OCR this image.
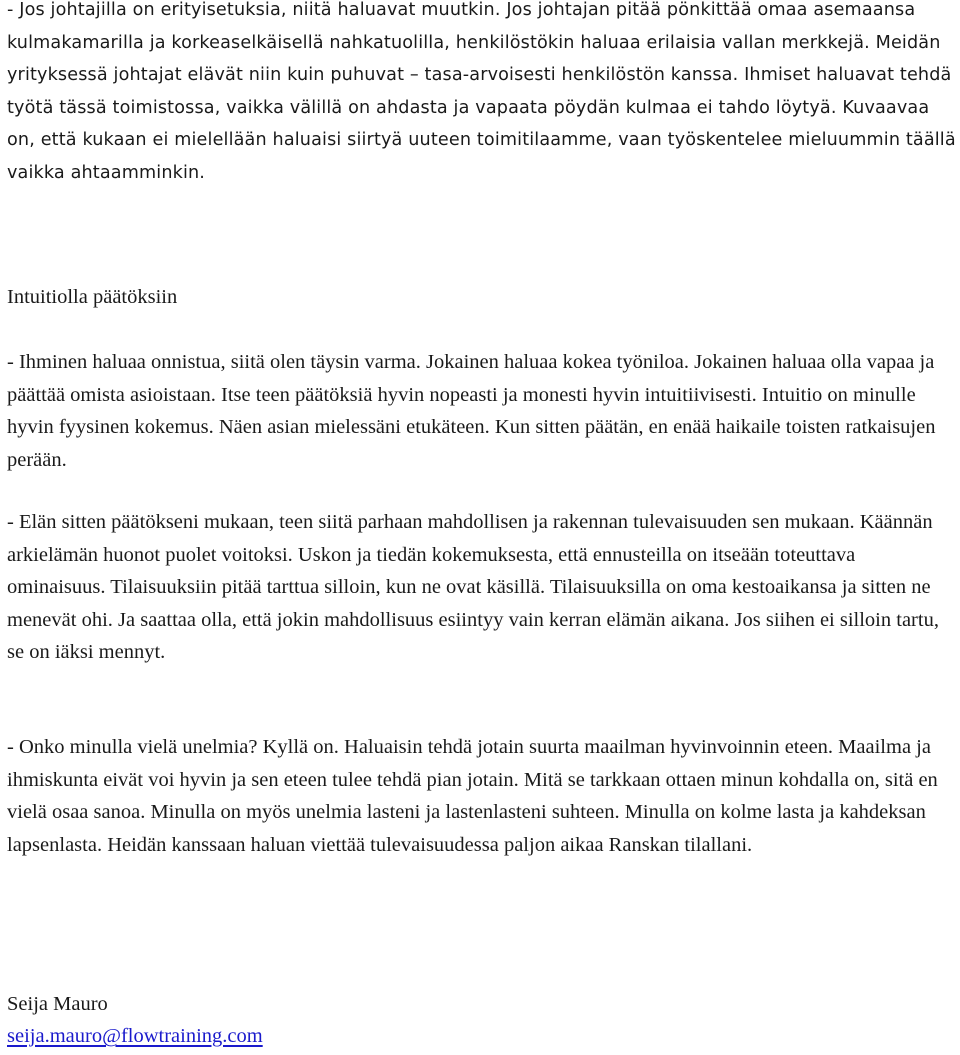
- Jos johtajilla on erityisetuksia, niitä haluavat muutkin. Jos johtajan pitää pönkittää omaa asemaansa kulmakamarilla ja korkeaselkäisellä nahkatuolilla, henkilöstökin haluaa erilaisia vallan merkkejä. Meidän yrityksessä johtajat elävät niin kuin puhuvat – tasa-arvoisesti henkilöstön kanssa. Ihmiset haluavat tehdä työtä tässä toimistossa, vaikka välillä on ahdasta ja vapaata pöydän kulmaa ei tahdo löytyä. Kuvaavaa on, että kukaan ei mielellään haluaisi siirtyä uuteen toimitilaamme, vaan työskentelee mieluummin täällä vaikka ahtaamminkin.

Intuitiolla päätöksiin

- Ihminen haluaa onnistua, siitä olen täysin varma. Jokainen haluaa kokea työniloa. Jokainen haluaa olla vapaa ja päättää omista asioistaan. Itse teen päätöksiä hyvin nopeasti ja monesti hyvin intuitiivisesti. Intuitio on minulle hyvin fyysinen kokemus. Näen asian mielessäni etukäteen. Kun sitten päätän, en enää haikaile toisten ratkaisujen perään.

- Elän sitten päätökseni mukaan, teen siitä parhaan mahdollisen ja rakennan tulevaisuuden sen mukaan. Käännän arkielämän huonot puolet voitoksi. Uskon ja tiedän kokemuksesta, että ennusteilla on itseään toteuttava ominaisuus. Tilaisuuksiin pitää tarttua silloin, kun ne ovat käsillä. Tilaisuuksilla on oma kestoaikansa ja sitten ne menevät ohi. Ja saattaa olla, että jokin mahdollisuus esiintyy vain kerran elämän aikana. Jos siihen ei silloin tartu, se on iäksi mennyt.

- Onko minulla vielä unelmia? Kyllä on. Haluaisin tehdä jotain suurta maailman hyvinvoinnin eteen. Maailma ja ihmiskunta eivät voi hyvin ja sen eteen tulee tehdä pian jotain. Mitä se tarkkaan ottaen minun kohdalla on, sitä en vielä osaa sanoa. Minulla on myös unelmia lasteni ja lastenlasteni suhteen. Minulla on kolme lasta ja kahdeksan lapsenlasta. Heidän kanssaan haluan viettää tulevaisuudessa paljon aikaa Ranskan tilallani.

Seija Mauro

seija.mauro@flowtraining.com
